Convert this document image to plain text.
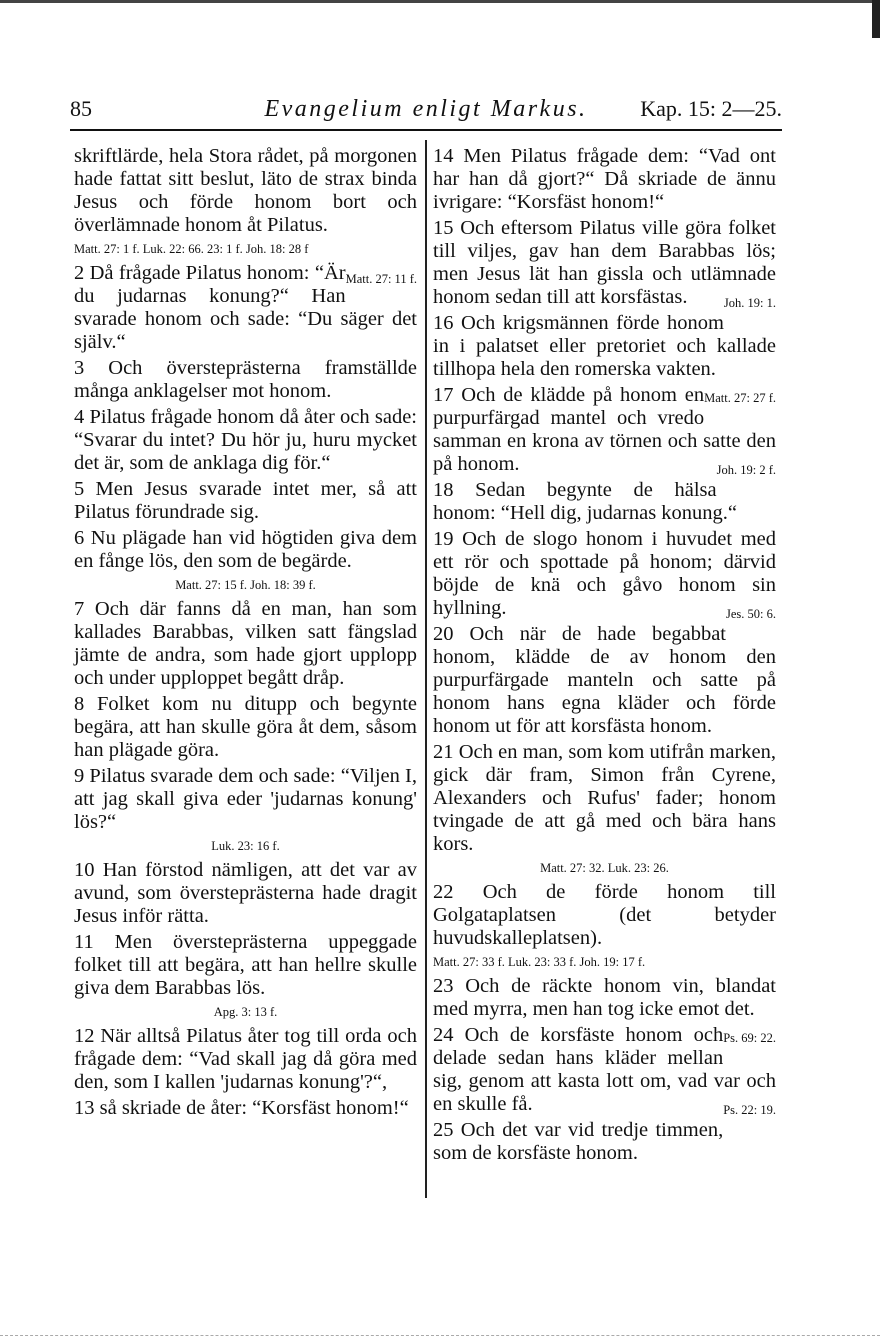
85	Evangelium enligt Markus.	Kap. 15: 2—25.

skriftlärde, hela Stora rådet, på morgonen hade fattat sitt beslut, läto de strax binda Jesus och förde honom bort och överlämnade honom åt Pilatus.

Matt. 27: 1 f. Luk. 22: 66. 23: 1 f. Joh. 18: 28 f

Matt. 27: 11 f.
2 Då frågade Pilatus honom: “Är du judarnas konung?“ Han svarade honom och sade: “Du säger det själv.“

3 Och översteprästerna framställde många anklagelser mot honom.

4 Pilatus frågade honom då åter och sade: “Svarar du intet? Du hör ju, huru mycket det är, som de anklaga dig för.“

5 Men Jesus svarade intet mer, så att Pilatus förundrade sig.

6 Nu plägade han vid högtiden giva dem en fånge lös, den som de begärde.

Matt. 27: 15 f. Joh. 18: 39 f.

7 Och där fanns då en man, han som kallades Barabbas, vilken satt fängslad jämte de andra, som hade gjort upplopp och under upploppet begått dråp.

8 Folket kom nu ditupp och begynte begära, att han skulle göra åt dem, såsom han plägade göra.

9 Pilatus svarade dem och sade: “Viljen I, att jag skall giva eder 'judarnas konung' lös?“

Luk. 23: 16 f.

10 Han förstod nämligen, att det var av avund, som översteprästerna hade dragit Jesus inför rätta.

11 Men översteprästerna uppeggade folket till att begära, att han hellre skulle giva dem Barabbas lös.

Apg. 3: 13 f.

12 När alltså Pilatus åter tog till orda och frågade dem: “Vad skall jag då göra med den, som I kallen 'judarnas konung'?“,

13 så skriade de åter: “Korsfäst honom!“

14 Men Pilatus frågade dem: “Vad ont har han då gjort?“ Då skriade de ännu ivrigare: “Korsfäst honom!“

15 Och eftersom Pilatus ville göra folket till viljes, gav han dem Barabbas lös; men Jesus lät han gissla och utlämnade honom sedan till att korsfästas.	Joh. 19: 1.

16 Och krigsmännen förde honom in i palatset eller pretoriet och kallade tillhopa hela den romerska vakten.
Matt. 27: 27 f.

17 Och de klädde på honom en purpurfärgad mantel och vredo samman en krona av törnen och satte den på honom.	Joh. 19: 2 f.

18 Sedan begynte de hälsa honom: “Hell dig, judarnas konung.“

19 Och de slogo honom i huvudet med ett rör och spottade på honom; därvid böjde de knä och gåvo honom sin hyllning.	Jes. 50: 6.

20 Och när de hade begabbat honom, klädde de av honom den purpurfärgade manteln och satte på honom hans egna kläder och förde honom ut för att korsfästa honom.

21 Och en man, som kom utifrån marken, gick där fram, Simon från Cyrene, Alexanders och Rufus' fader; honom tvingade de att gå med och bära hans kors.

Matt. 27: 32. Luk. 23: 26.

22 Och de förde honom till Golgataplatsen (det betyder huvudskalleplatsen).

Matt. 27: 33 f. Luk. 23: 33 f. Joh. 19: 17 f.

23 Och de räckte honom vin, blandat med myrra, men han tog icke emot det.
Ps. 69: 22.

24 Och de korsfäste honom och delade sedan hans kläder mellan sig, genom att kasta lott om, vad var och en skulle få.	Ps. 22: 19.

25 Och det var vid tredje timmen, som de korsfäste honom.
